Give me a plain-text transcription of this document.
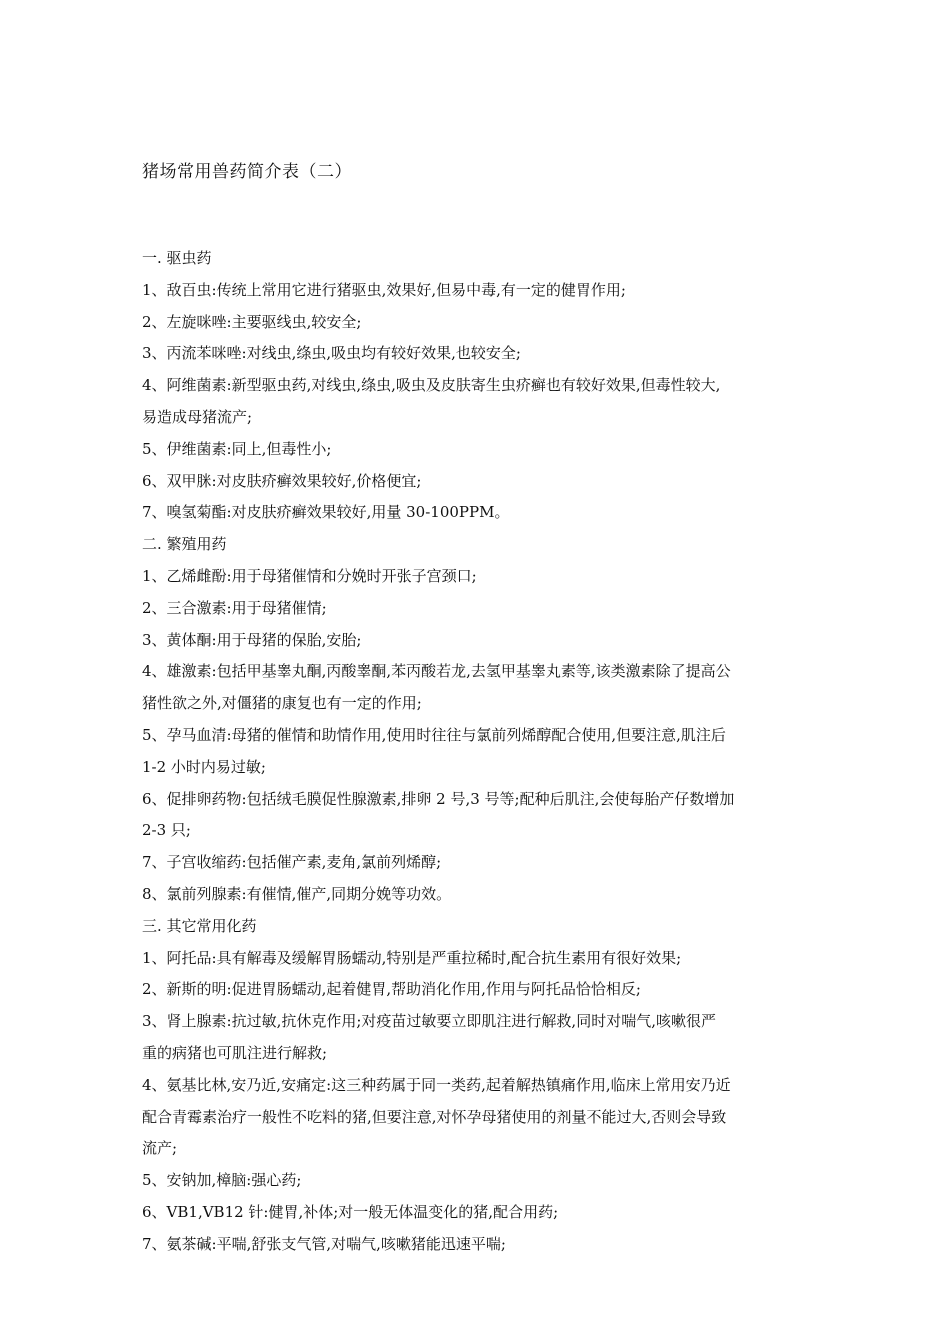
猪场常用兽药简介表（二）
一. 驱虫药
1、敌百虫:传统上常用它进行猪驱虫,效果好,但易中毒,有一定的健胃作用;
2、左旋咪唑:主要驱线虫,较安全;
3、丙流苯咪唑:对线虫,绦虫,吸虫均有较好效果,也较安全;
4、阿维菌素:新型驱虫药,对线虫,绦虫,吸虫及皮肤寄生虫疥癣也有较好效果,但毒性较大,
易造成母猪流产;
5、伊维菌素:同上,但毒性小;
6、双甲脒:对皮肤疥癣效果较好,价格便宜;
7、嗅氢菊酯:对皮肤疥癣效果较好,用量 30-100PPM。
二. 繁殖用药
1、乙烯雌酚:用于母猪催情和分娩时开张子宫颈口;
2、三合激素:用于母猪催情;
3、黄体酮:用于母猪的保胎,安胎;
4、雄激素:包括甲基睾丸酮,丙酸睾酮,苯丙酸若龙,去氢甲基睾丸素等,该类激素除了提高公
猪性欲之外,对僵猪的康复也有一定的作用;
5、孕马血清:母猪的催情和助情作用,使用时往往与氯前列烯醇配合使用,但要注意,肌注后
1-2 小时内易过敏;
6、促排卵药物:包括绒毛膜促性腺激素,排卵 2 号,3 号等;配种后肌注,会使每胎产仔数增加
2-3 只;
7、子宫收缩药:包括催产素,麦角,氯前列烯醇;
8、氯前列腺素:有催情,催产,同期分娩等功效。
三. 其它常用化药
1、阿托品:具有解毒及缓解胃肠蠕动,特别是严重拉稀时,配合抗生素用有很好效果;
2、新斯的明:促进胃肠蠕动,起着健胃,帮助消化作用,作用与阿托品恰恰相反;
3、肾上腺素:抗过敏,抗休克作用;对疫苗过敏要立即肌注进行解救,同时对喘气,咳嗽很严
重的病猪也可肌注进行解救;
4、氨基比林,安乃近,安痛定:这三种药属于同一类药,起着解热镇痛作用,临床上常用安乃近
配合青霉素治疗一般性不吃料的猪,但要注意,对怀孕母猪使用的剂量不能过大,否则会导致
流产;
5、安钠加,樟脑:强心药;
6、VB1,VB12 针:健胃,补体;对一般无体温变化的猪,配合用药;
7、氨茶碱:平喘,舒张支气管,对喘气,咳嗽猪能迅速平喘;
